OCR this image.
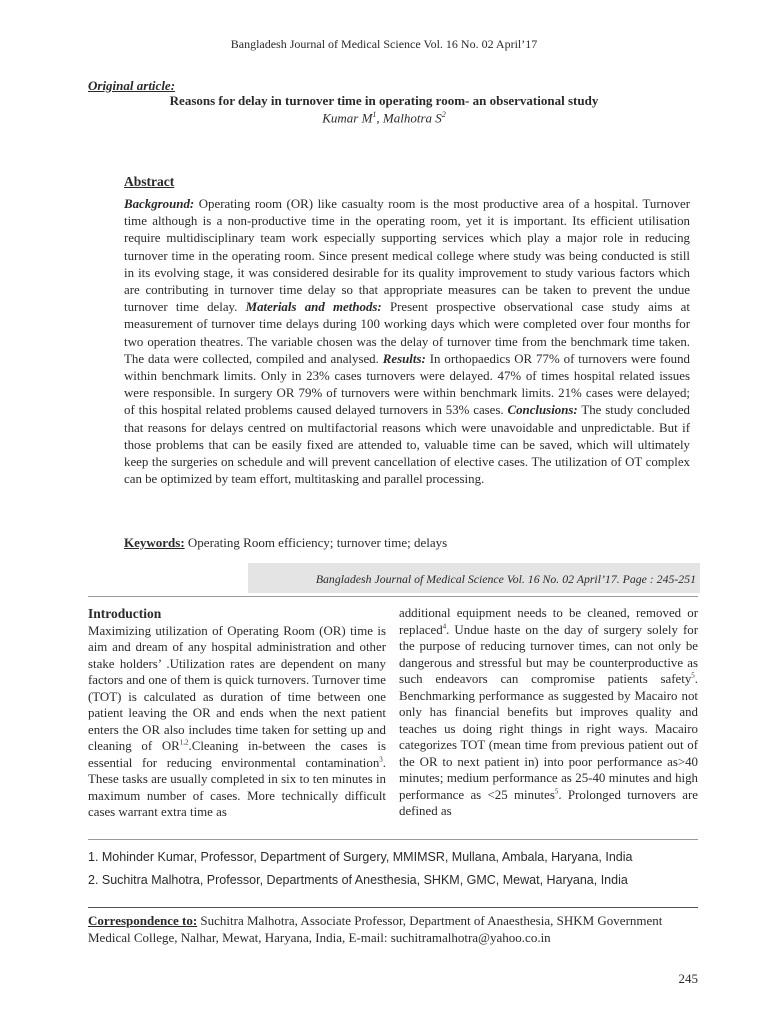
Bangladesh Journal of Medical Science Vol. 16 No. 02 April’17
Original article:
Reasons for delay in turnover time in operating room- an observational study
Kumar $M^1$, Malhotra $S^2$
Abstract

Background: Operating room (OR) like casualty room is the most productive area of a hospital. Turnover time although is a non-productive time in the operating room, yet it is important. Its efficient utilisation require multidisciplinary team work especially supporting services which play a major role in reducing turnover time in the operating room. Since present medical college where study was being conducted is still in its evolving stage, it was considered desirable for its quality improvement to study various factors which are contributing in turnover time delay so that appropriate measures can be taken to prevent the undue turnover time delay. Materials and methods: Present prospective observational case study aims at measurement of turnover time delays during 100 working days which were completed over four months for two operation theatres. The variable chosen was the delay of turnover time from the benchmark time taken. The data were collected, compiled and analysed. Results: In orthopaedics OR 77% of turnovers were found within benchmark limits. Only in 23% cases turnovers were delayed. 47% of times hospital related issues were responsible. In surgery OR 79% of turnovers were within benchmark limits. 21% cases were delayed; of this hospital related problems caused delayed turnovers in 53% cases. Conclusions: The study concluded that reasons for delays centred on multifactorial reasons which were unavoidable and unpredictable. But if those problems that can be easily fixed are attended to, valuable time can be saved, which will ultimately keep the surgeries on schedule and will prevent cancellation of elective cases. The utilization of OT complex can be optimized by team effort, multitasking and parallel processing.

Keywords: Operating Room efficiency; turnover time; delays
Bangladesh Journal of Medical Science Vol. 16 No. 02 April’17. Page : 245-251

Introduction
Maximizing utilization of Operating Room (OR) time is aim and dream of any hospital administration and other stake holders’ .Utilization rates are dependent on many factors and one of them is quick turnovers. Turnover time (TOT) is calculated as duration of time between one patient leaving the OR and ends when the next patient enters the OR also includes time taken for setting up and cleaning of OR$^{1,2}$.Cleaning in-between the cases is essential for reducing environmental contamination$^3$. These tasks are usually completed in six to ten minutes in maximum number of cases. More technically difficult cases warrant extra time as

additional equipment needs to be cleaned, removed or replaced$^4$. Undue haste on the day of surgery solely for the purpose of reducing turnover times, can not only be dangerous and stressful but may be counterproductive as such endeavors can compromise patients safety$^5$. Benchmarking performance as suggested by Macairo not only has financial benefits but improves quality and teaches us doing right things in right ways. Macairo categorizes TOT (mean time from previous patient out of the OR to next patient in) into poor performance as>40 minutes; medium performance as 25-40 minutes and high performance as <25 minutes$^5$. Prolonged turnovers are defined as

1. Mohinder Kumar, Professor, Department of Surgery, MMIMSR, Mullana, Ambala, Haryana, India
2. Suchitra Malhotra, Professor, Departments of Anesthesia, SHKM, GMC, Mewat, Haryana, India

Correspondence to: Suchitra Malhotra, Associate Professor, Department of Anaesthesia, SHKM Government Medical College, Nalhar, Mewat, Haryana, India, E-mail: suchitramalhotra@yahoo.co.in

245
